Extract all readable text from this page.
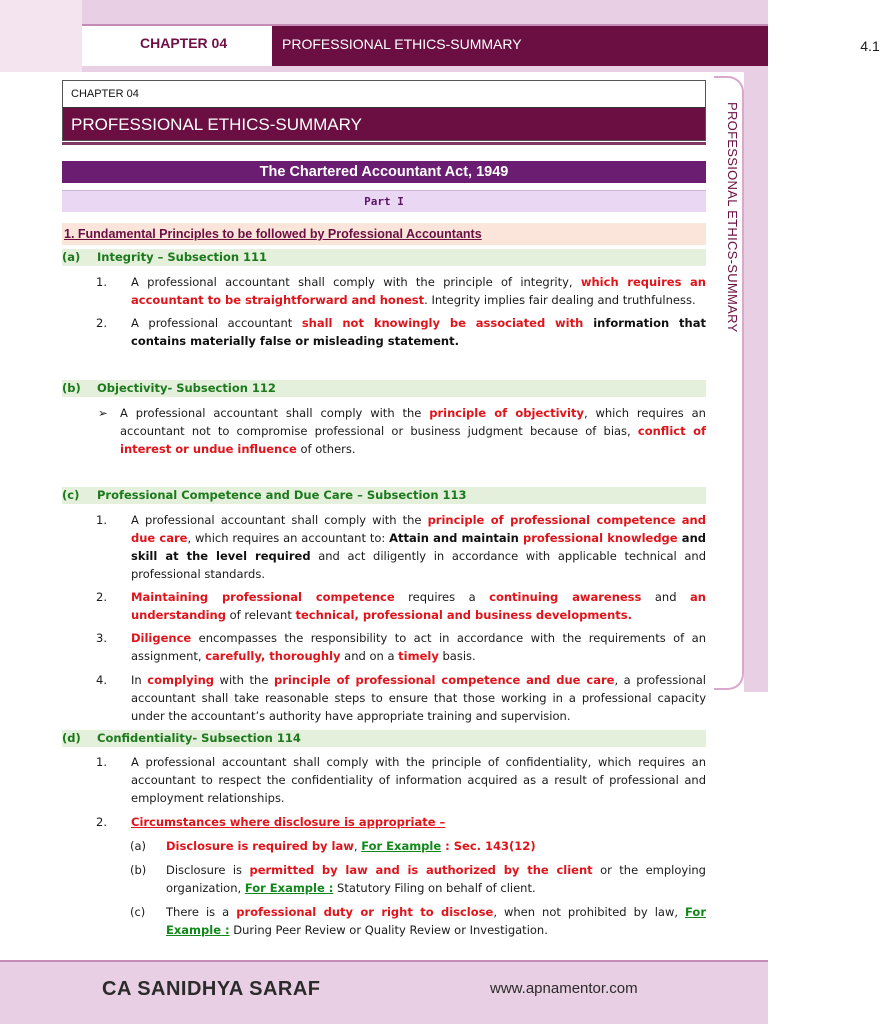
CHAPTER 04	PROFESSIONAL ETHICS-SUMMARY	4.1
PROFESSIONAL ETHICS-SUMMARY
CHAPTER 04
PROFESSIONAL ETHICS-SUMMARY
The Chartered Accountant Act, 1949
Part I
1. Fundamental Principles to be followed by Professional Accountants
(a) Integrity – Subsection 111
1. A professional accountant shall comply with the principle of integrity, which requires an accountant to be straightforward and honest. Integrity implies fair dealing and truthfulness.
2. A professional accountant shall not knowingly be associated with information that contains materially false or misleading statement.
(b) Objectivity- Subsection 112
➢ A professional accountant shall comply with the principle of objectivity, which requires an accountant not to compromise professional or business judgment because of bias, conflict of interest or undue influence of others.
(c) Professional Competence and Due Care – Subsection 113
1. A professional accountant shall comply with the principle of professional competence and due care, which requires an accountant to: Attain and maintain professional knowledge and skill at the level required and act diligently in accordance with applicable technical and professional standards.
2. Maintaining professional competence requires a continuing awareness and an understanding of relevant technical, professional and business developments.
3. Diligence encompasses the responsibility to act in accordance with the requirements of an assignment, carefully, thoroughly and on a timely basis.
4. In complying with the principle of professional competence and due care, a professional accountant shall take reasonable steps to ensure that those working in a professional capacity under the accountant’s authority have appropriate training and supervision.
(d) Confidentiality- Subsection 114
1. A professional accountant shall comply with the principle of confidentiality, which requires an accountant to respect the confidentiality of information acquired as a result of professional and employment relationships.
2. Circumstances where disclosure is appropriate –
(a) Disclosure is required by law, For Example : Sec. 143(12)
(b) Disclosure is permitted by law and is authorized by the client or the employing organization, For Example : Statutory Filing on behalf of client.
(c) There is a professional duty or right to disclose, when not prohibited by law, For Example : During Peer Review or Quality Review or Investigation.
CA SANIDHYA SARAF	www.apnamentor.com
